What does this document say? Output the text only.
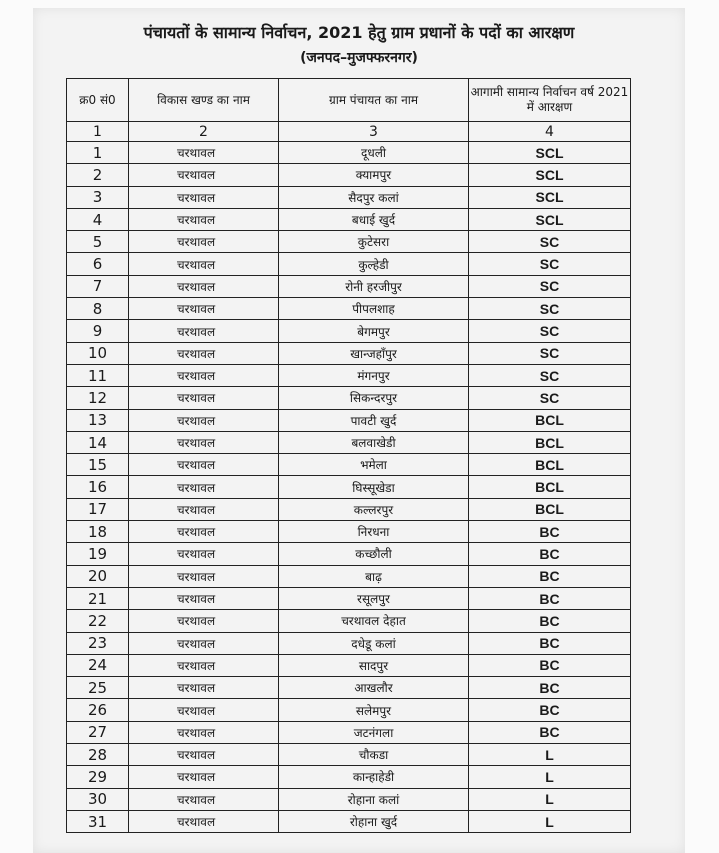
पंचायतों के सामान्य निर्वाचन, 2021 हेतु ग्राम प्रधानों के पदों का आरक्षण
(जनपद–मुजफ्फरनगर)
क्र0 सं0	विकास खण्ड का नाम	ग्राम पंचायत का नाम	आगामी सामान्य निर्वाचन वर्ष 2021 में आरक्षण
1	2	3	4
1	चरथावल	दूधली	SCL
2	चरथावल	क्यामपुर	SCL
3	चरथावल	सैदपुर कलां	SCL
4	चरथावल	बधाई खुर्द	SCL
5	चरथावल	कुटेसरा	SC
6	चरथावल	कुल्हेडी	SC
7	चरथावल	रोनी हरजीपुर	SC
8	चरथावल	पीपलशाह	SC
9	चरथावल	बेगमपुर	SC
10	चरथावल	खान्जहाँपुर	SC
11	चरथावल	मंगनपुर	SC
12	चरथावल	सिकन्दरपुर	SC
13	चरथावल	पावटी खुर्द	BCL
14	चरथावल	बलवाखेडी	BCL
15	चरथावल	भमेला	BCL
16	चरथावल	घिस्सूखेडा	BCL
17	चरथावल	कल्लरपुर	BCL
18	चरथावल	निरधना	BC
19	चरथावल	कच्छौली	BC
20	चरथावल	बाढ़	BC
21	चरथावल	रसूलपुर	BC
22	चरथावल	चरथावल देहात	BC
23	चरथावल	दधेडू कलां	BC
24	चरथावल	सादपुर	BC
25	चरथावल	आखलौर	BC
26	चरथावल	सलेमपुर	BC
27	चरथावल	जटनंगला	BC
28	चरथावल	चौकडा	L
29	चरथावल	कान्हाहेडी	L
30	चरथावल	रोहाना कलां	L
31	चरथावल	रोहाना खुर्द	L
